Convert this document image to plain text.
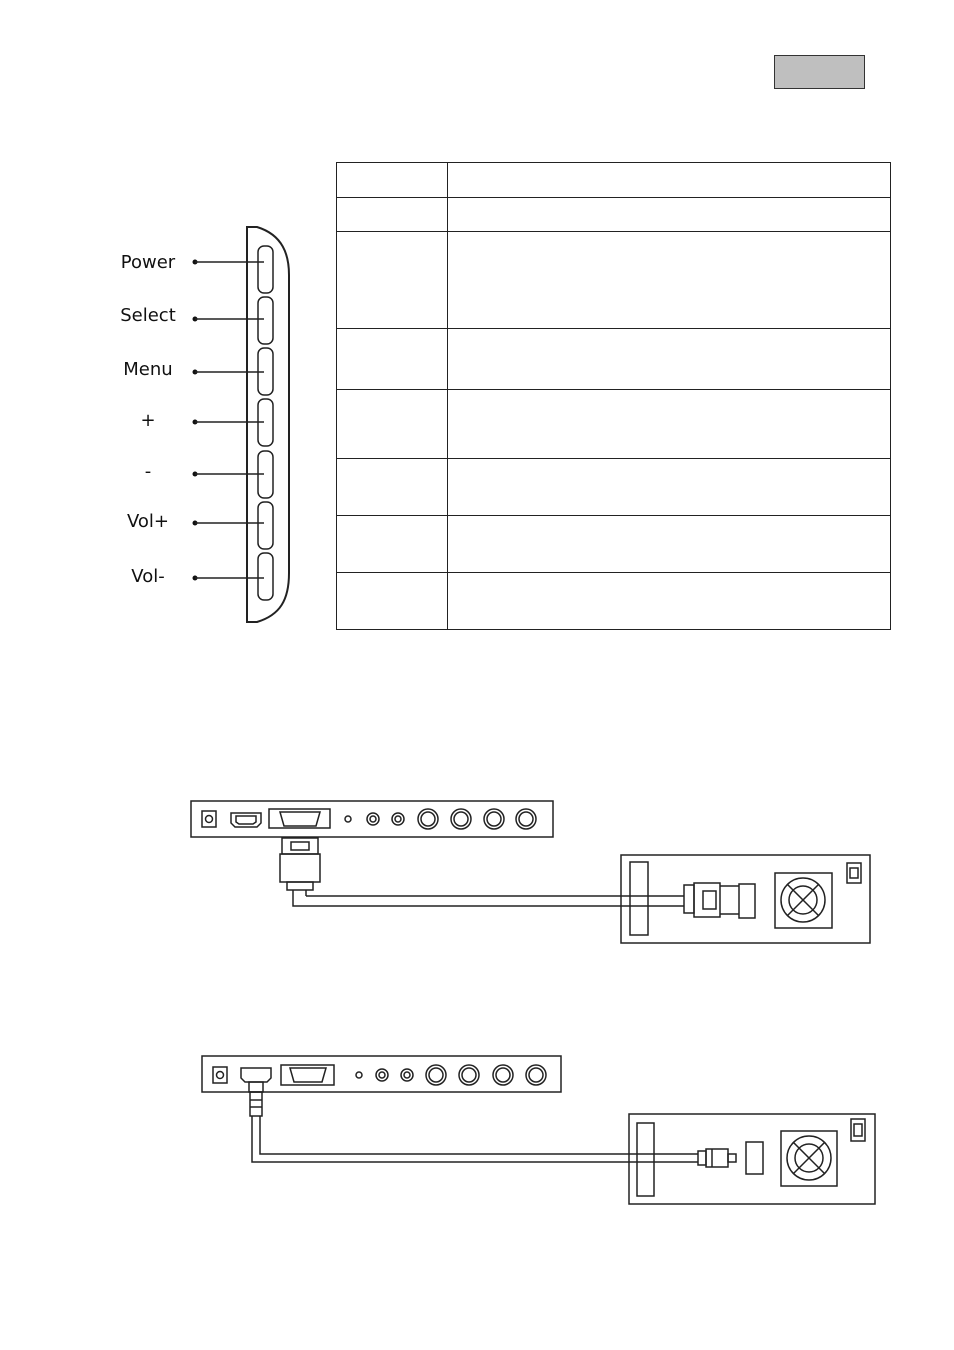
Power
Select
Menu
+
-
Vol+
Vol-
